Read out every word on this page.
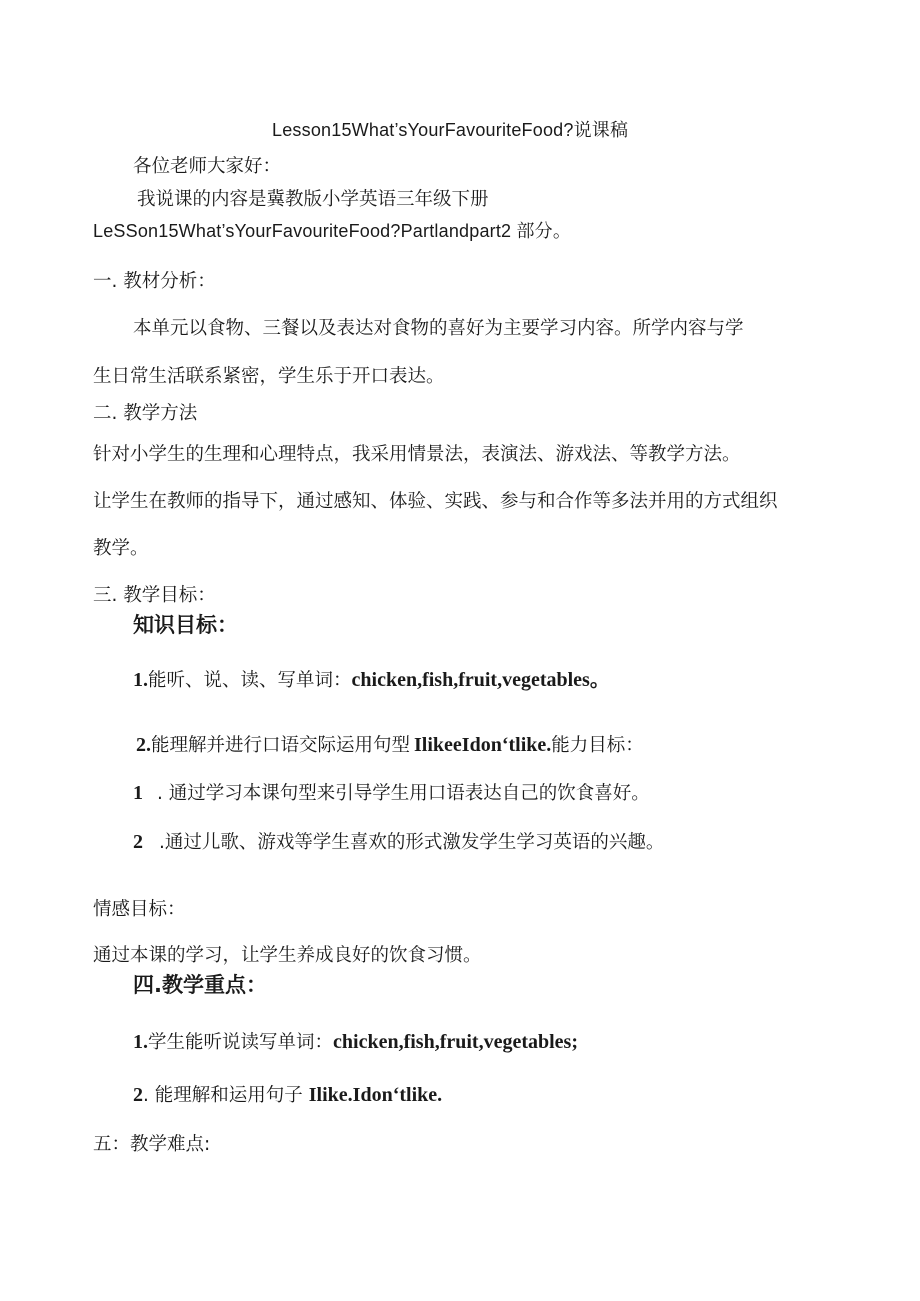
Lesson15What’sYourFavouriteFood?说课稿
各位老师大家好：
我说课的内容是冀教版小学英语三年级下册
LeSSon15What’sYourFavouriteFood?Partlandpart2 部分。
一. 教材分析：
本单元以食物、三餐以及表达对食物的喜好为主要学习内容。所学内容与学
生日常生活联系紧密，学生乐于开口表达。
二. 教学方法
针对小学生的生理和心理特点，我采用情景法，表演法、游戏法、等教学方法。
让学生在教师的指导下，通过感知、体验、实践、参与和合作等多法并用的方式组织
教学。
三. 教学目标：
知识目标：
1.能听、说、读、写单词：chicken,fish,fruit,vegetables。
2.能理解并进行口语交际运用句型 IlikeeIdon‘tlike.能力目标：
1 . 通过学习本课句型来引导学生用口语表达自己的饮食喜好。
2 .通过儿歌、游戏等学生喜欢的形式激发学生学习英语的兴趣。
情感目标：
通过本课的学习，让学生养成良好的饮食习惯。
四.教学重点：
1.学生能听说读写单词：chicken,fish,fruit,vegetables;
2. 能理解和运用句子 Ilike.Idon‘tlike.
五：教学难点:
